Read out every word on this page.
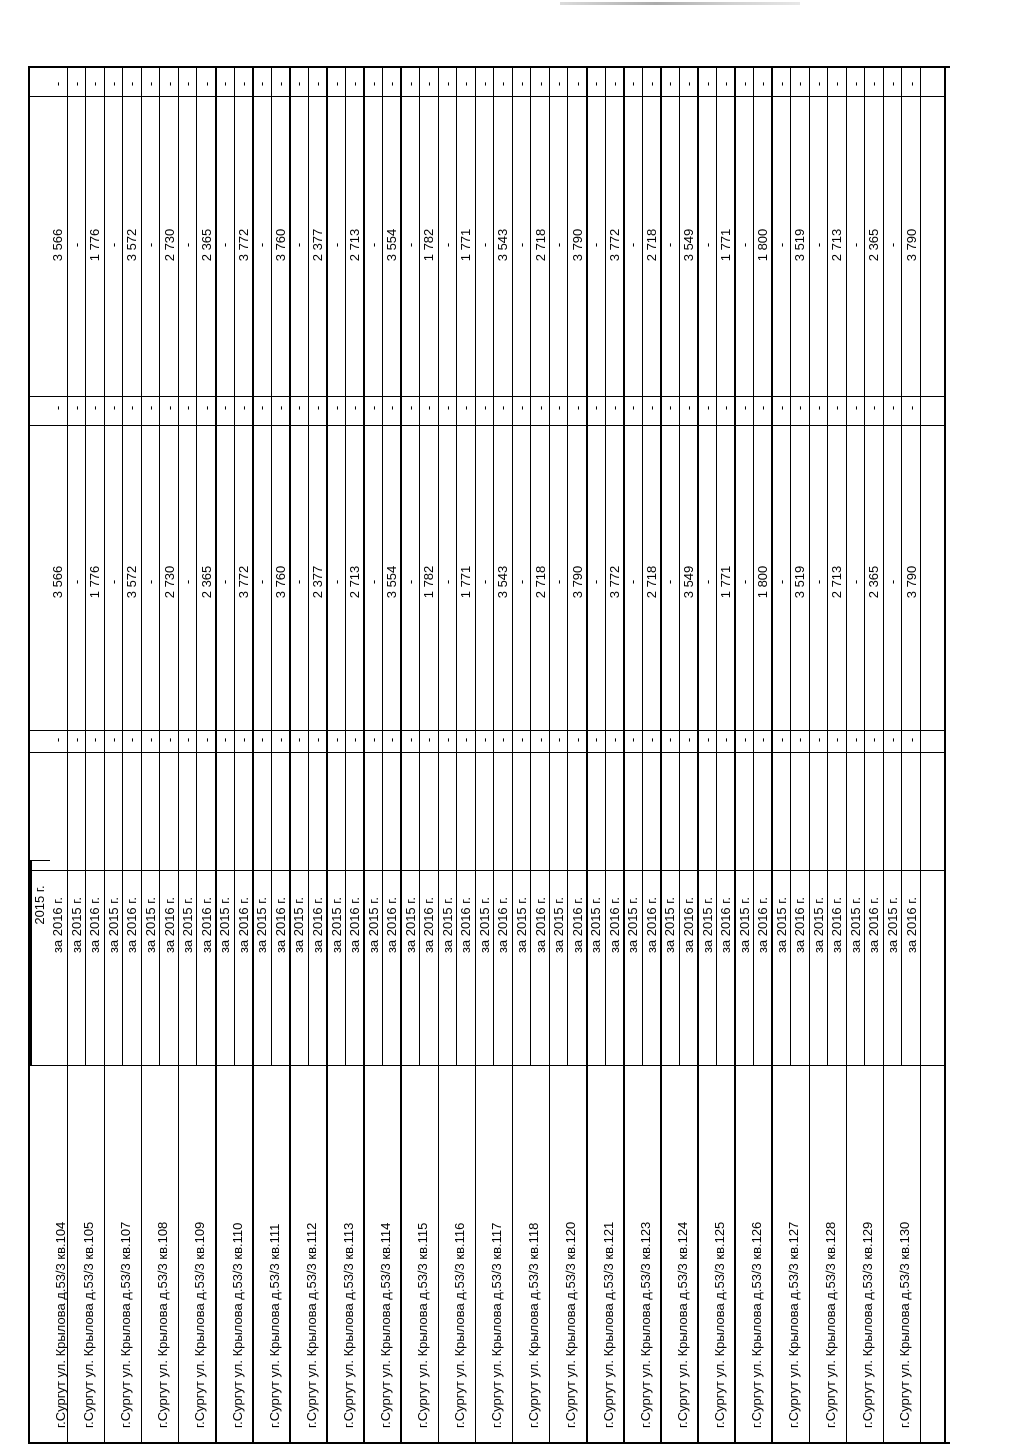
2015 г. за 2016 г.
-
3 566
-
3 566
-
г.Сургут ул. Крылова д.53/3 кв.104
за 2015 г.
-
-
-
-
-
за 2016 г.
-
1 776
-
1 776
-
г.Сургут ул. Крылова д.53/3 кв.105
за 2015 г.
-
-
-
-
-
за 2016 г.
-
3 572
-
3 572
-
г.Сургут ул. Крылова д.53/3 кв.107
за 2015 г.
-
-
-
-
-
за 2016 г.
-
2 730
-
2 730
-
г.Сургут ул. Крылова д.53/3 кв.108
за 2015 г.
-
-
-
-
-
за 2016 г.
-
2 365
-
2 365
-
г.Сургут ул. Крылова д.53/3 кв.109
за 2015 г.
-
-
-
-
-
за 2016 г.
-
3 772
-
3 772
-
г.Сургут ул. Крылова д.53/3 кв.110
за 2015 г.
-
-
-
-
-
за 2016 г.
-
3 760
-
3 760
-
г.Сургут ул. Крылова д.53/3 кв.111
за 2015 г.
-
-
-
-
-
за 2016 г.
-
2 377
-
2 377
-
г.Сургут ул. Крылова д.53/3 кв.112
за 2015 г.
-
-
-
-
-
за 2016 г.
-
2 713
-
2 713
-
г.Сургут ул. Крылова д.53/3 кв.113
за 2015 г.
-
-
-
-
-
за 2016 г.
-
3 554
-
3 554
-
г.Сургут ул. Крылова д.53/3 кв.114
за 2015 г.
-
-
-
-
-
за 2016 г.
-
1 782
-
1 782
-
г.Сургут ул. Крылова д.53/3 кв.115
за 2015 г.
-
-
-
-
-
за 2016 г.
-
1 771
-
1 771
-
г.Сургут ул. Крылова д.53/3 кв.116
за 2015 г.
-
-
-
-
-
за 2016 г.
-
3 543
-
3 543
-
г.Сургут ул. Крылова д.53/3 кв.117
за 2015 г.
-
-
-
-
-
за 2016 г.
-
2 718
-
2 718
-
г.Сургут ул. Крылова д.53/3 кв.118
за 2015 г.
-
-
-
-
-
за 2016 г.
-
3 790
-
3 790
-
г.Сургут ул. Крылова д.53/3 кв.120
за 2015 г.
-
-
-
-
-
за 2016 г.
-
3 772
-
3 772
-
г.Сургут ул. Крылова д.53/3 кв.121
за 2015 г.
-
-
-
-
-
за 2016 г.
-
2 718
-
2 718
-
г.Сургут ул. Крылова д.53/3 кв.123
за 2015 г.
-
-
-
-
-
за 2016 г.
-
3 549
-
3 549
-
г.Сургут ул. Крылова д.53/3 кв.124
за 2015 г.
-
-
-
-
-
за 2016 г.
-
1 771
-
1 771
-
г.Сургут ул. Крылова д.53/3 кв.125
за 2015 г.
-
-
-
-
-
за 2016 г.
-
1 800
-
1 800
-
г.Сургут ул. Крылова д.53/3 кв.126
за 2015 г.
-
-
-
-
-
за 2016 г.
-
3 519
-
3 519
-
г.Сургут ул. Крылова д.53/3 кв.127
за 2015 г.
-
-
-
-
-
за 2016 г.
-
2 713
-
2 713
-
г.Сургут ул. Крылова д.53/3 кв.128
за 2015 г.
-
-
-
-
-
за 2016 г.
-
2 365
-
2 365
-
г.Сургут ул. Крылова д.53/3 кв.129
за 2015 г.
-
-
-
-
-
за 2016 г.
-
3 790
-
3 790
-
г.Сургут ул. Крылова д.53/3 кв.130
